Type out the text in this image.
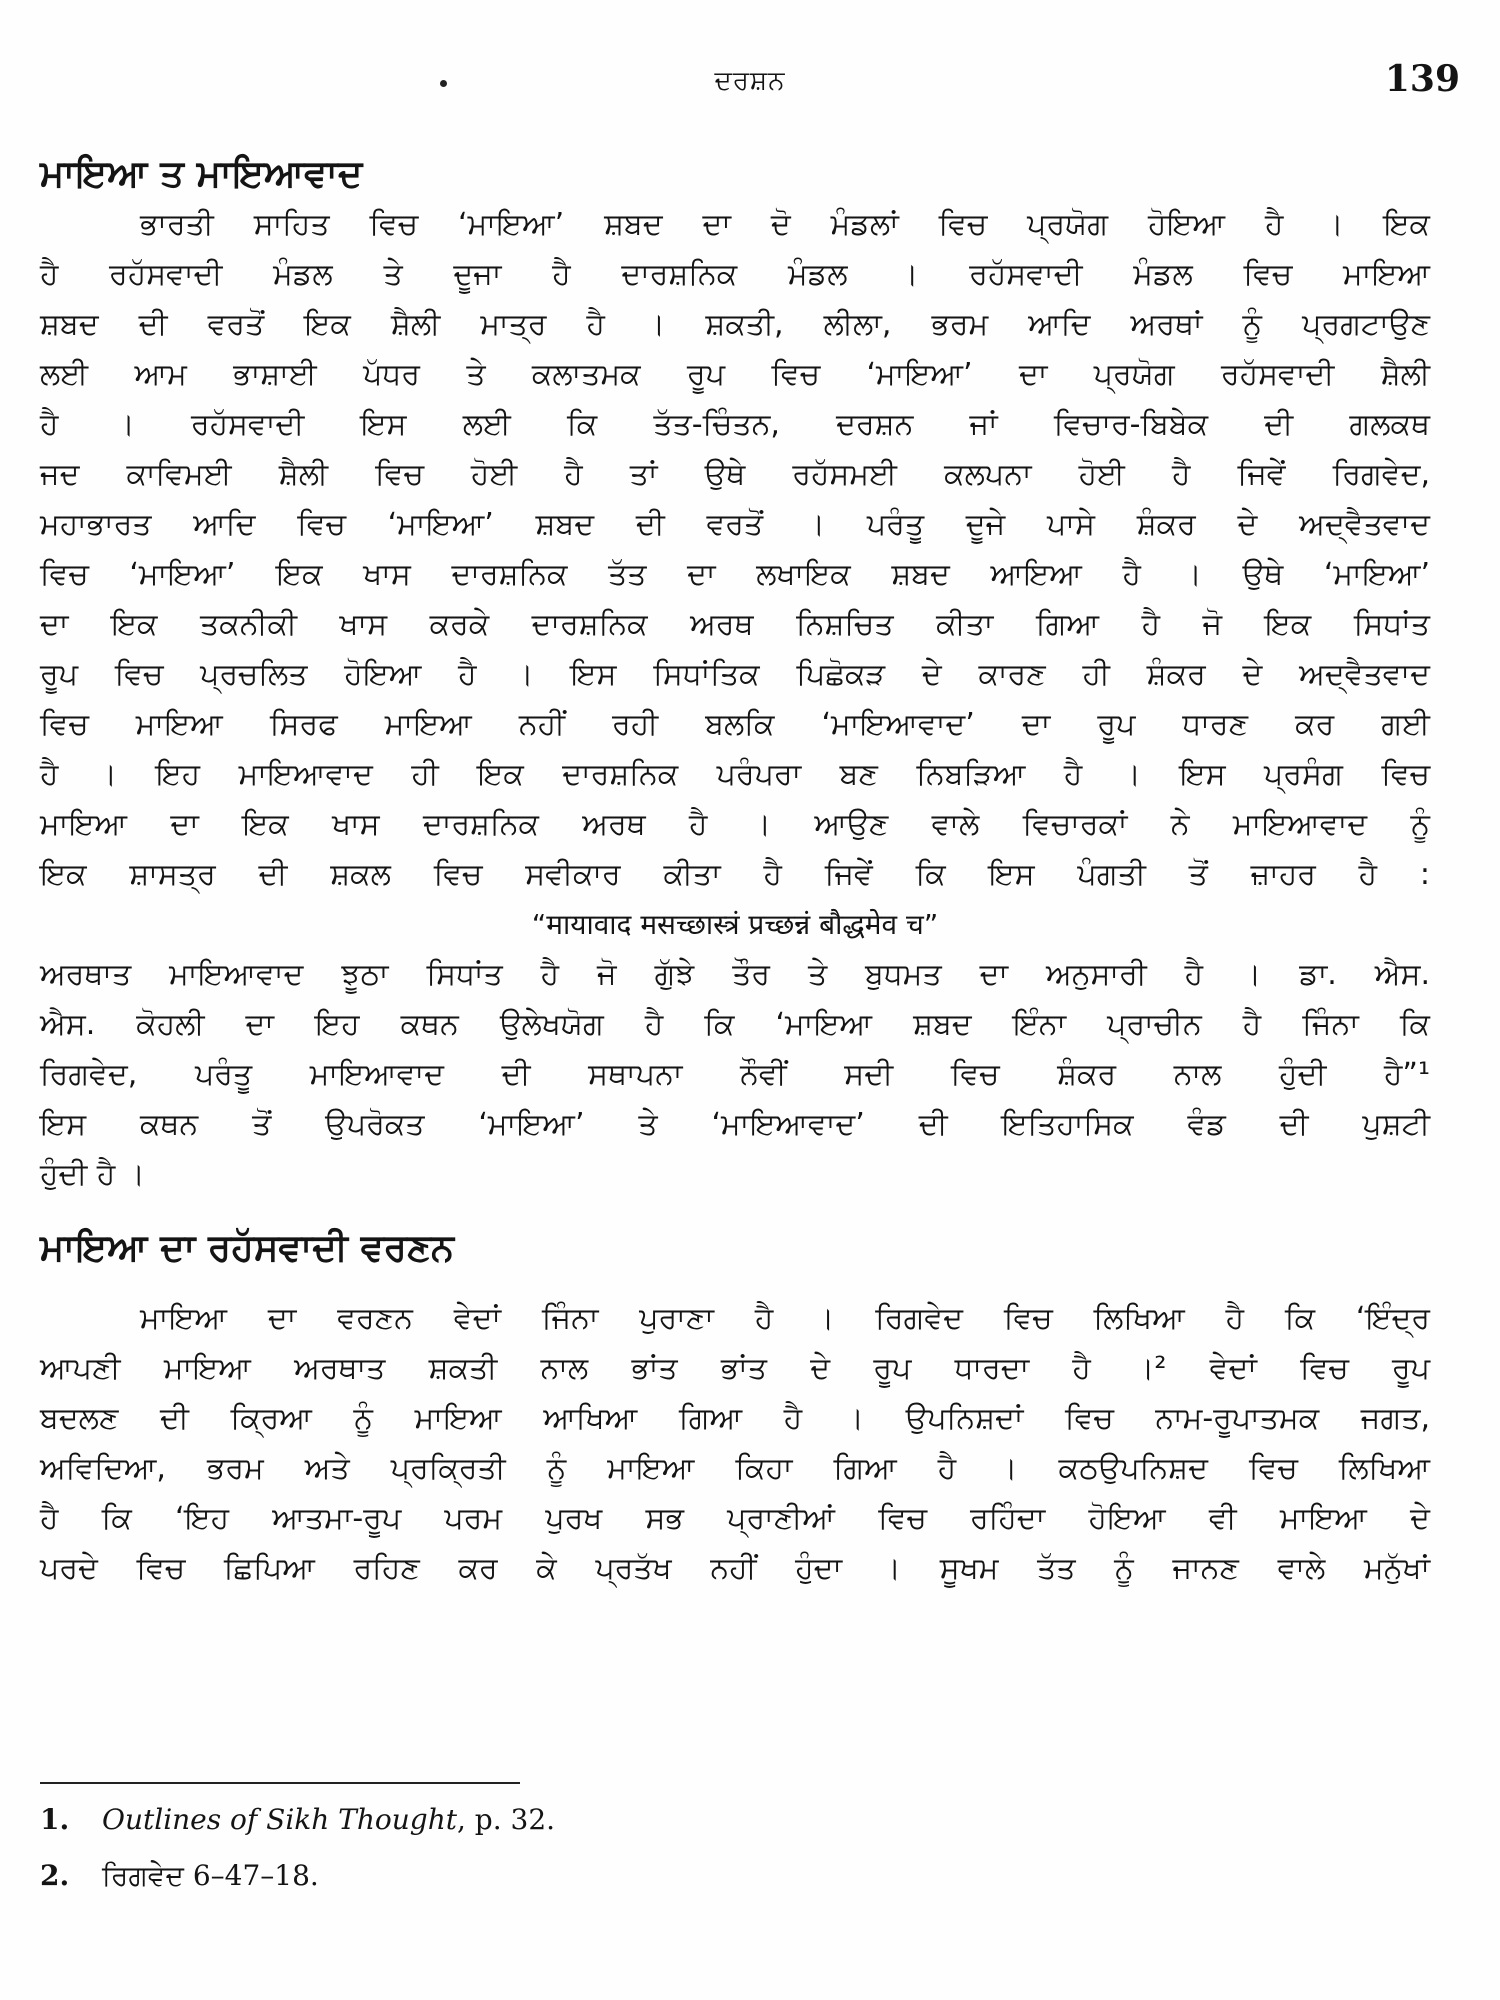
ਦਰਸ਼ਨ	139
ਮਾਇਆ ਤ ਮਾਇਆਵਾਦ

ਭਾਰਤੀ ਸਾਹਿਤ ਵਿਚ ‘ਮਾਇਆ’ ਸ਼ਬਦ ਦਾ ਦੋ ਮੰਡਲਾਂ ਵਿਚ ਪ੍ਰਯੋਗ ਹੋਇਆ ਹੈ । ਇਕ

ਹੈ ਰਹੱਸਵਾਦੀ ਮੰਡਲ ਤੇ ਦੂਜਾ ਹੈ ਦਾਰਸ਼ਨਿਕ ਮੰਡਲ । ਰਹੱਸਵਾਦੀ ਮੰਡਲ ਵਿਚ ਮਾਇਆ

ਸ਼ਬਦ ਦੀ ਵਰਤੋਂ ਇਕ ਸ਼ੈਲੀ ਮਾਤ੍ਰ ਹੈ । ਸ਼ਕਤੀ, ਲੀਲਾ, ਭਰਮ ਆਦਿ ਅਰਥਾਂ ਨੂੰ ਪ੍ਰਗਟਾਉਣ

ਲਈ ਆਮ ਭਾਸ਼ਾਈ ਪੱਧਰ ਤੇ ਕਲਾਤਮਕ ਰੂਪ ਵਿਚ ‘ਮਾਇਆ’ ਦਾ ਪ੍ਰਯੋਗ ਰਹੱਸਵਾਦੀ ਸ਼ੈਲੀ

ਹੈ । ਰਹੱਸਵਾਦੀ ਇਸ ਲਈ ਕਿ ਤੱਤ-ਚਿੰਤਨ, ਦਰਸ਼ਨ ਜਾਂ ਵਿਚਾਰ-ਬਿਬੇਕ ਦੀ ਗਲਕਥ

ਜਦ ਕਾਵਿਮਈ ਸ਼ੈਲੀ ਵਿਚ ਹੋਈ ਹੈ ਤਾਂ ਉਥੇ ਰਹੱਸਮਈ ਕਲਪਨਾ ਹੋਈ ਹੈ ਜਿਵੇਂ ਰਿਗਵੇਦ,

ਮਹਾਭਾਰਤ ਆਦਿ ਵਿਚ ‘ਮਾਇਆ’ ਸ਼ਬਦ ਦੀ ਵਰਤੋਂ । ਪਰੰਤੂ ਦੂਜੇ ਪਾਸੇ ਸ਼ੰਕਰ ਦੇ ਅਦ੍ਵੈਤਵਾਦ

ਵਿਚ ‘ਮਾਇਆ’ ਇਕ ਖਾਸ ਦਾਰਸ਼ਨਿਕ ਤੱਤ ਦਾ ਲਖਾਇਕ ਸ਼ਬਦ ਆਇਆ ਹੈ । ਉਥੇ ‘ਮਾਇਆ’

ਦਾ ਇਕ ਤਕਨੀਕੀ ਖਾਸ ਕਰਕੇ ਦਾਰਸ਼ਨਿਕ ਅਰਥ ਨਿਸ਼ਚਿਤ ਕੀਤਾ ਗਿਆ ਹੈ ਜੋ ਇਕ ਸਿਧਾਂਤ

ਰੂਪ ਵਿਚ ਪ੍ਰਚਲਿਤ ਹੋਇਆ ਹੈ । ਇਸ ਸਿਧਾਂਤਿਕ ਪਿਛੋਕੜ ਦੇ ਕਾਰਣ ਹੀ ਸ਼ੰਕਰ ਦੇ ਅਦ੍ਵੈਤਵਾਦ

ਵਿਚ ਮਾਇਆ ਸਿਰਫ ਮਾਇਆ ਨਹੀਂ ਰਹੀ ਬਲਕਿ ‘ਮਾਇਆਵਾਦ’ ਦਾ ਰੂਪ ਧਾਰਣ ਕਰ ਗਈ

ਹੈ । ਇਹ ਮਾਇਆਵਾਦ ਹੀ ਇਕ ਦਾਰਸ਼ਨਿਕ ਪਰੰਪਰਾ ਬਣ ਨਿਬੜਿਆ ਹੈ । ਇਸ ਪ੍ਰਸੰਗ ਵਿਚ

ਮਾਇਆ ਦਾ ਇਕ ਖਾਸ ਦਾਰਸ਼ਨਿਕ ਅਰਥ ਹੈ । ਆਉਣ ਵਾਲੇ ਵਿਚਾਰਕਾਂ ਨੇ ਮਾਇਆਵਾਦ ਨੂੰ

ਇਕ ਸ਼ਾਸਤ੍ਰ ਦੀ ਸ਼ਕਲ ਵਿਚ ਸਵੀਕਾਰ ਕੀਤਾ ਹੈ ਜਿਵੇਂ ਕਿ ਇਸ ਪੰਗਤੀ ਤੋਂ ਜ਼ਾਹਰ ਹੈ :

“मायावाद मसच्छास्त्रं प्रच्छन्नं बौद्धमेव च”

ਅਰਥਾਤ ਮਾਇਆਵਾਦ ਝੂਠਾ ਸਿਧਾਂਤ ਹੈ ਜੋ ਗੁੱਝੇ ਤੌਰ ਤੇ ਬੁਧਮਤ ਦਾ ਅਨੁਸਾਰੀ ਹੈ । ਡਾ. ਐਸ.

ਐਸ. ਕੋਹਲੀ ਦਾ ਇਹ ਕਥਨ ਉਲੇਖਯੋਗ ਹੈ ਕਿ ‘ਮਾਇਆ ਸ਼ਬਦ ਇੰਨਾ ਪ੍ਰਾਚੀਨ ਹੈ ਜਿੰਨਾ ਕਿ

ਰਿਗਵੇਦ, ਪਰੰਤੂ ਮਾਇਆਵਾਦ ਦੀ ਸਥਾਪਨਾ ਨੌਵੀਂ ਸਦੀ ਵਿਚ ਸ਼ੰਕਰ ਨਾਲ ਹੁੰਦੀ ਹੈ”¹

ਇਸ ਕਥਨ ਤੋਂ ਉਪਰੋਕਤ ‘ਮਾਇਆ’ ਤੇ ‘ਮਾਇਆਵਾਦ’ ਦੀ ਇਤਿਹਾਸਿਕ ਵੰਡ ਦੀ ਪੁਸ਼ਟੀ

ਹੁੰਦੀ ਹੈ ।

ਮਾਇਆ ਦਾ ਰਹੱਸਵਾਦੀ ਵਰਣਨ

ਮਾਇਆ ਦਾ ਵਰਣਨ ਵੇਦਾਂ ਜਿੰਨਾ ਪੁਰਾਣਾ ਹੈ । ਰਿਗਵੇਦ ਵਿਚ ਲਿਖਿਆ ਹੈ ਕਿ ‘ਇੰਦ੍ਰ

ਆਪਣੀ ਮਾਇਆ ਅਰਥਾਤ ਸ਼ਕਤੀ ਨਾਲ ਭਾਂਤ ਭਾਂਤ ਦੇ ਰੂਪ ਧਾਰਦਾ ਹੈ ।² ਵੇਦਾਂ ਵਿਚ ਰੂਪ

ਬਦਲਣ ਦੀ ਕ੍ਰਿਆ ਨੂੰ ਮਾਇਆ ਆਖਿਆ ਗਿਆ ਹੈ । ਉਪਨਿਸ਼ਦਾਂ ਵਿਚ ਨਾਮ-ਰੂਪਾਤਮਕ ਜਗਤ,

ਅਵਿਦਿਆ, ਭਰਮ ਅਤੇ ਪ੍ਰਕ੍ਰਿਤੀ ਨੂੰ ਮਾਇਆ ਕਿਹਾ ਗਿਆ ਹੈ । ਕਠਉਪਨਿਸ਼ਦ ਵਿਚ ਲਿਖਿਆ

ਹੈ ਕਿ ‘ਇਹ ਆਤਮਾ-ਰੂਪ ਪਰਮ ਪੁਰਖ ਸਭ ਪ੍ਰਾਣੀਆਂ ਵਿਚ ਰਹਿੰਦਾ ਹੋਇਆ ਵੀ ਮਾਇਆ ਦੇ

ਪਰਦੇ ਵਿਚ ਛਿਪਿਆ ਰਹਿਣ ਕਰ ਕੇ ਪ੍ਰਤੱਖ ਨਹੀਂ ਹੁੰਦਾ । ਸੂਖਮ ਤੱਤ ਨੂੰ ਜਾਨਣ ਵਾਲੇ ਮਨੁੱਖਾਂ

1. Outlines of Sikh Thought, p. 32.
2. ਰਿਗਵੇਦ 6–47–18.
